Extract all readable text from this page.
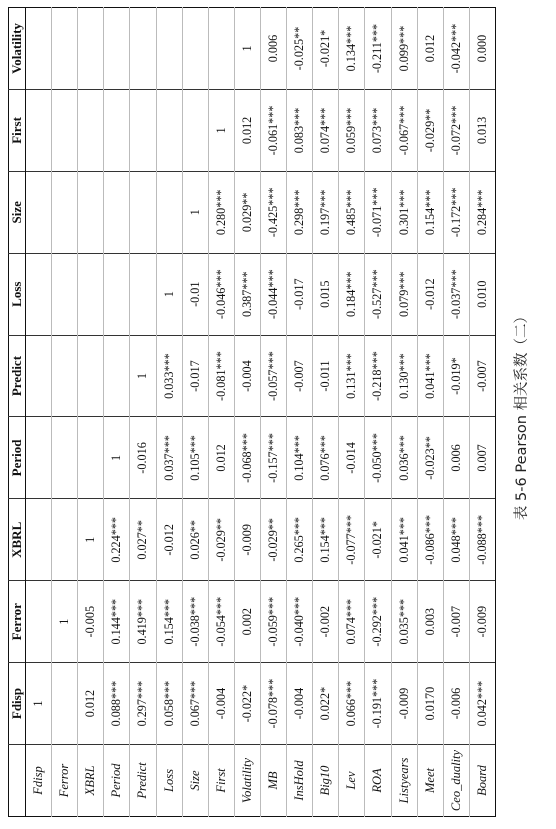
	Fdisp	Ferror	XBRL	Period	Predict	Loss	Size	First	Volatility
Fdisp	1								
Ferror		1							
XBRL	0.012	-0.005	1						
Period	0.088***	0.144***	0.224***	1					
Predict	0.297***	0.419***	0.027**	-0.016	1				
Loss	0.058***	0.154***	-0.012	0.037***	0.033***	1			
Size	0.067***	-0.038***	0.026**	0.105***	-0.017	-0.01	1		
First	-0.004	-0.054***	-0.029**	0.012	-0.081***	-0.046***	0.280***	1	
Volatility	-0.022*	0.002	-0.009	-0.068***	-0.004	0.387***	0.029**	0.012	1
MB	-0.078***	-0.059***	-0.029**	-0.157***	-0.057***	-0.044***	-0.425***	-0.061***	0.006
InsHold	-0.004	-0.040***	0.265***	0.104***	-0.007	-0.017	0.298***	0.083***	-0.025**
Big10	0.022*	-0.002	0.154***	0.076***	-0.011	0.015	0.197***	0.074***	-0.021*
Lev	0.066***	0.074***	-0.077***	-0.014	0.131***	0.184***	0.485***	0.059***	0.134***
ROA	-0.191***	-0.292***	-0.021*	-0.050***	-0.218***	-0.527***	-0.071***	0.073***	-0.211***
Listyears	-0.009	0.035***	0.041***	0.036***	0.130***	0.079***	0.301***	-0.067***	0.099***
Meet	0.0170	0.003	-0.086***	-0.023**	0.041***	-0.012	0.154***	-0.029**	0.012
Ceo_duality	-0.006	-0.007	0.048***	0.006	-0.019*	-0.037***	-0.172***	-0.072***	-0.042***
Board	0.042***	-0.009	-0.088***	0.007	-0.007	0.010	0.284***	0.013	0.000
表 5-6 Pearson 相关系数（二）
